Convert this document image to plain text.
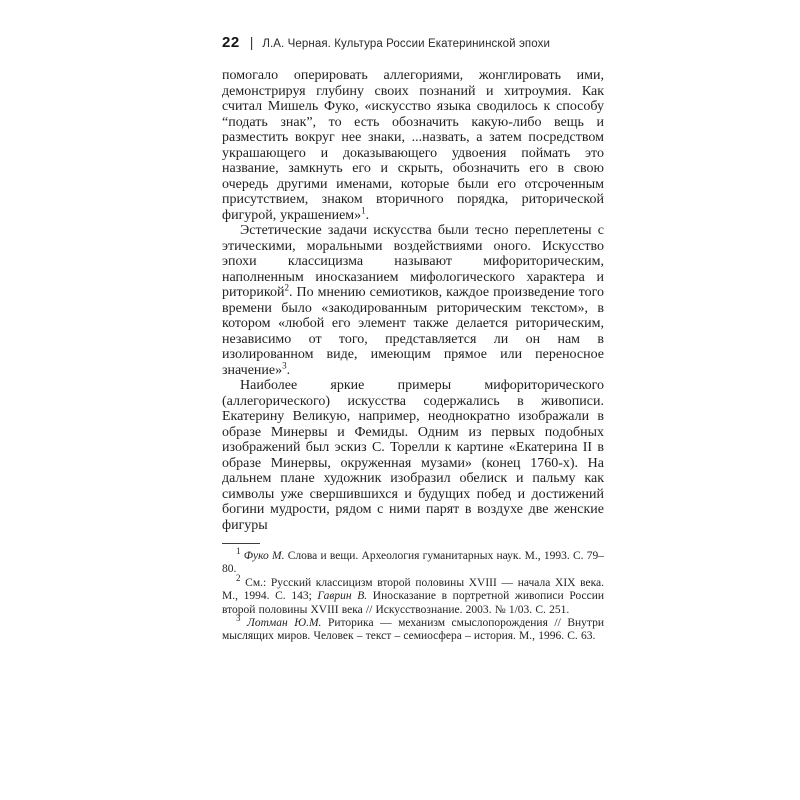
22 | Л.А. Черная. Культура России Екатерининской эпохи

помогало оперировать аллегориями, жонглировать ими, демонстрируя глубину своих познаний и хитроумия. Как считал Мишель Фуко, «искусство языка сводилось к способу “подать знак”, то есть обозначить какую-либо вещь и разместить вокруг нее знаки, ...назвать, а затем посредством украшающего и доказывающего удвоения поймать это название, замкнуть его и скрыть, обозначить его в свою очередь другими именами, которые были его отсроченным присутствием, знаком вторичного порядка, риторической фигурой, украшением»$^1$.

Эстетические задачи искусства были тесно переплетены с этическими, моральными воздействиями оного. Искусство эпохи классицизма называют мифориторическим, наполненным иносказанием мифологического характера и риторикой$^2$. По мнению семиотиков, каждое произведение того времени было «закодированным риторическим текстом», в котором «любой его элемент также делается риторическим, независимо от того, представляется ли он нам в изолированном виде, имеющим прямое или переносное значение»$^3$.

Наиболее яркие примеры мифориторического (аллегорического) искусства содержались в живописи. Екатерину Великую, например, неоднократно изображали в образе Минервы и Фемиды. Одним из первых подобных изображений был эскиз С. Торелли к картине «Екатерина II в образе Минервы, окруженная музами» (конец 1760-х). На дальнем плане художник изобразил обелиск и пальму как символы уже свершившихся и будущих побед и достижений богини мудрости, рядом с ними парят в воздухе две женские фигуры

$^1$ Фуко М. Слова и вещи. Археология гуманитарных наук. М., 1993. С. 79–80.

$^2$ См.: Русский классицизм второй половины XVIII — начала XIX века. М., 1994. С. 143; Гаврин В. Иносказание в портретной живописи России второй половины XVIII века // Искусствознание. 2003. № 1/03. С. 251.

$^3$ Лотман Ю.М. Риторика — механизм смыслопорождения // Внутри мыслящих миров. Человек – текст – семиосфера – история. М., 1996. С. 63.
